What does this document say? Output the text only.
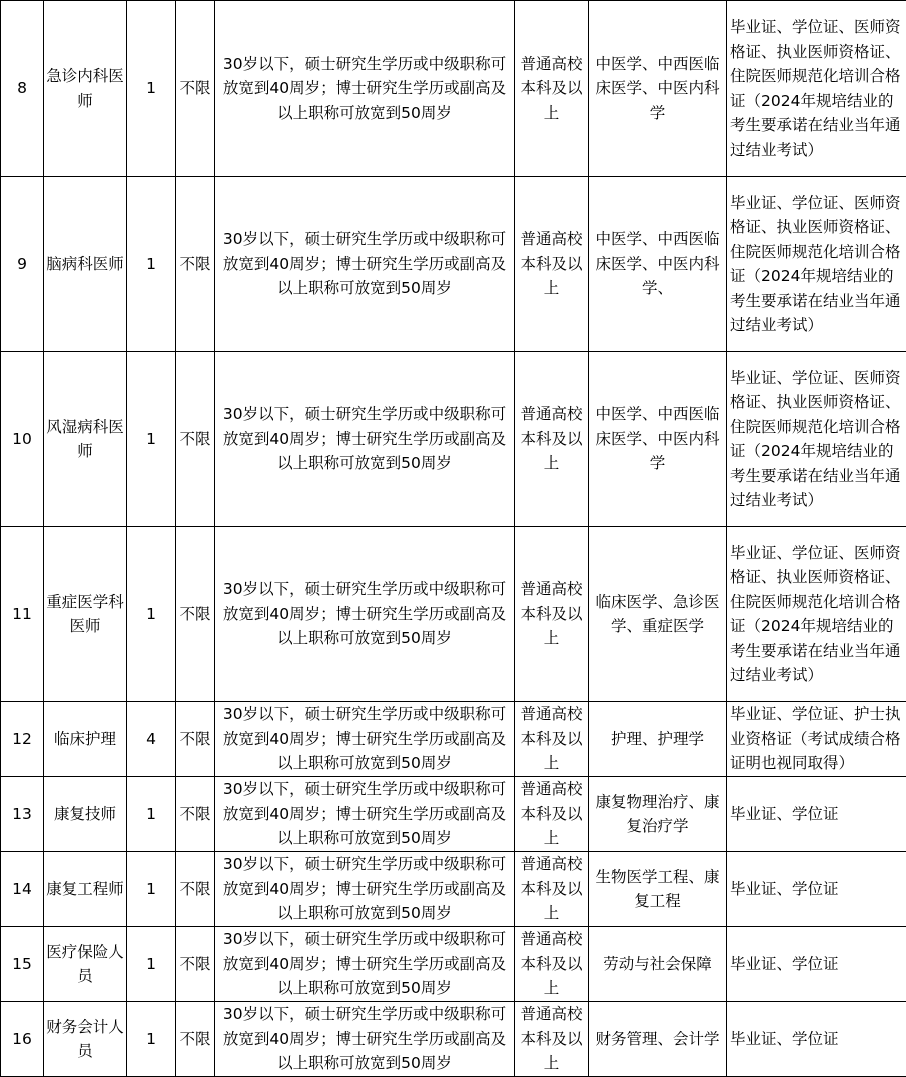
8	急诊内科医师	1	不限	30岁以下，硕士研究生学历或中级职称可放宽到40周岁；博士研究生学历或副高及以上职称可放宽到50周岁	普通高校本科及以上	中医学、中西医临床医学、中医内科学	毕业证、学位证、医师资格证、执业医师资格证、住院医师规范化培训合格证（2024年规培结业的考生要承诺在结业当年通过结业考试）
9	脑病科医师	1	不限	30岁以下，硕士研究生学历或中级职称可放宽到40周岁；博士研究生学历或副高及以上职称可放宽到50周岁	普通高校本科及以上	中医学、中西医临床医学、中医内科学、	毕业证、学位证、医师资格证、执业医师资格证、住院医师规范化培训合格证（2024年规培结业的考生要承诺在结业当年通过结业考试）
10	风湿病科医师	1	不限	30岁以下，硕士研究生学历或中级职称可放宽到40周岁；博士研究生学历或副高及以上职称可放宽到50周岁	普通高校本科及以上	中医学、中西医临床医学、中医内科学	毕业证、学位证、医师资格证、执业医师资格证、住院医师规范化培训合格证（2024年规培结业的考生要承诺在结业当年通过结业考试）
11	重症医学科医师	1	不限	30岁以下，硕士研究生学历或中级职称可放宽到40周岁；博士研究生学历或副高及以上职称可放宽到50周岁	普通高校本科及以上	临床医学、急诊医学、重症医学	毕业证、学位证、医师资格证、执业医师资格证、住院医师规范化培训合格证（2024年规培结业的考生要承诺在结业当年通过结业考试）
12	临床护理	4	不限	30岁以下，硕士研究生学历或中级职称可放宽到40周岁；博士研究生学历或副高及以上职称可放宽到50周岁	普通高校本科及以上	护理、护理学	毕业证、学位证、护士执业资格证（考试成绩合格证明也视同取得）
13	康复技师	1	不限	30岁以下，硕士研究生学历或中级职称可放宽到40周岁；博士研究生学历或副高及以上职称可放宽到50周岁	普通高校本科及以上	康复物理治疗、康复治疗学	毕业证、学位证
14	康复工程师	1	不限	30岁以下，硕士研究生学历或中级职称可放宽到40周岁；博士研究生学历或副高及以上职称可放宽到50周岁	普通高校本科及以上	生物医学工程、康复工程	毕业证、学位证
15	医疗保险人员	1	不限	30岁以下，硕士研究生学历或中级职称可放宽到40周岁；博士研究生学历或副高及以上职称可放宽到50周岁	普通高校本科及以上	劳动与社会保障	毕业证、学位证
16	财务会计人员	1	不限	30岁以下，硕士研究生学历或中级职称可放宽到40周岁；博士研究生学历或副高及以上职称可放宽到50周岁	普通高校本科及以上	财务管理、会计学	毕业证、学位证
